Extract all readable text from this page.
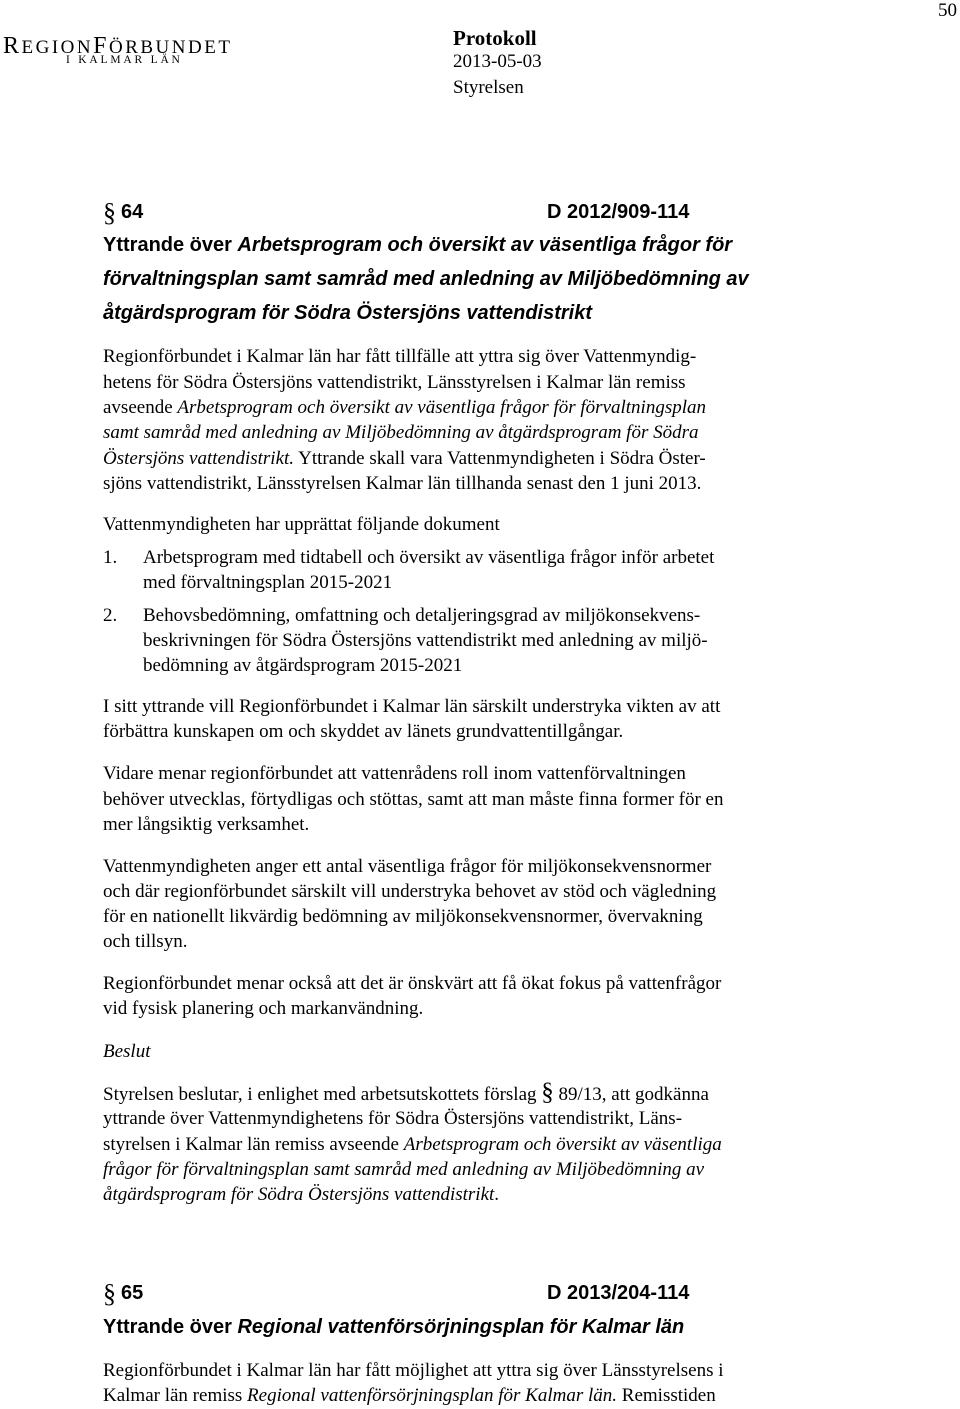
REGIONFÖRBUNDET
I KALMAR LÄN
Protokoll
2013-05-03
Styrelsen
50
§ 64	D 2012/909-114
Yttrande över Arbetsprogram och översikt av väsentliga frågor för
förvaltningsplan samt samråd med anledning av Miljöbedömning av
åtgärdsprogram för Södra Östersjöns vattendistrikt
Regionförbundet i Kalmar län har fått tillfälle att yttra sig över Vattenmyndig-
hetens för Södra Östersjöns vattendistrikt, Länsstyrelsen i Kalmar län remiss
avseende Arbetsprogram och översikt av väsentliga frågor för förvaltningsplan
samt samråd med anledning av Miljöbedömning av åtgärdsprogram för Södra
Östersjöns vattendistrikt. Yttrande skall vara Vattenmyndigheten i Södra Öster-
sjöns vattendistrikt, Länsstyrelsen Kalmar län tillhanda senast den 1 juni 2013.
Vattenmyndigheten har upprättat följande dokument
1. Arbetsprogram med tidtabell och översikt av väsentliga frågor inför arbetet
med förvaltningsplan 2015-2021
2. Behovsbedömning, omfattning och detaljeringsgrad av miljökonsekvens-
beskrivningen för Södra Östersjöns vattendistrikt med anledning av miljö-
bedömning av åtgärdsprogram 2015-2021
I sitt yttrande vill Regionförbundet i Kalmar län särskilt understryka vikten av att
förbättra kunskapen om och skyddet av länets grundvattentillgångar.
Vidare menar regionförbundet att vattenrådens roll inom vattenförvaltningen
behöver utvecklas, förtydligas och stöttas, samt att man måste finna former för en
mer långsiktig verksamhet.
Vattenmyndigheten anger ett antal väsentliga frågor för miljökonsekvensnormer
och där regionförbundet särskilt vill understryka behovet av stöd och vägledning
för en nationellt likvärdig bedömning av miljökonsekvensnormer, övervakning
och tillsyn.
Regionförbundet menar också att det är önskvärt att få ökat fokus på vattenfrågor
vid fysisk planering och markanvändning.
Beslut
Styrelsen beslutar, i enlighet med arbetsutskottets förslag § 89/13, att godkänna
yttrande över Vattenmyndighetens för Södra Östersjöns vattendistrikt, Läns-
styrelsen i Kalmar län remiss avseende Arbetsprogram och översikt av väsentliga
frågor för förvaltningsplan samt samråd med anledning av Miljöbedömning av
åtgärdsprogram för Södra Östersjöns vattendistrikt.
§ 65	D 2013/204-114
Yttrande över Regional vattenförsörjningsplan för Kalmar län
Regionförbundet i Kalmar län har fått möjlighet att yttra sig över Länsstyrelsens i
Kalmar län remiss Regional vattenförsörjningsplan för Kalmar län. Remisstiden
